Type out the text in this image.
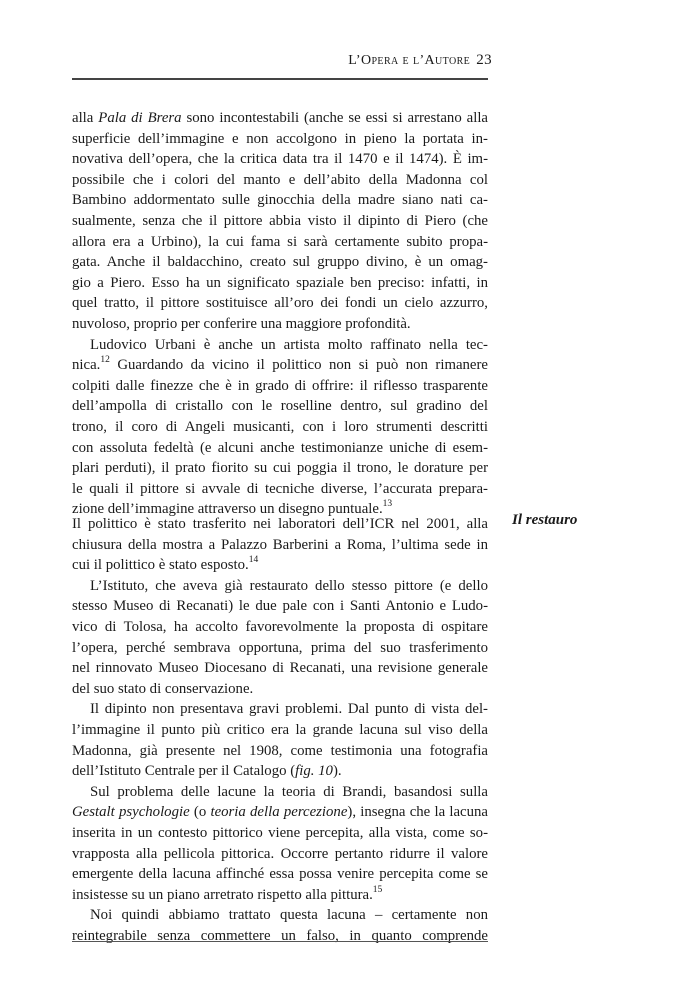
L’Opera e l’Autore 23

alla Pala di Brera sono incontestabili (anche se essi si arrestano alla

superficie dell’immagine e non accolgono in pieno la portata in-

novativa dell’opera, che la critica data tra il 1470 e il 1474). È im-

possibile che i colori del manto e dell’abito della Madonna col

Bambino addormentato sulle ginocchia della madre siano nati ca-

sualmente, senza che il pittore abbia visto il dipinto di Piero (che

allora era a Urbino), la cui fama si sarà certamente subito propa-

gata. Anche il baldacchino, creato sul gruppo divino, è un omag-

gio a Piero. Esso ha un significato spaziale ben preciso: infatti, in

quel tratto, il pittore sostituisce all’oro dei fondi un cielo azzurro,

nuvoloso, proprio per conferire una maggiore profondità.

Ludovico Urbani è anche un artista molto raffinato nella tec-

nica.$^{12}$ Guardando da vicino il polittico non si può non rimanere

colpiti dalle finezze che è in grado di offrire: il riflesso trasparente

dell’ampolla di cristallo con le roselline dentro, sul gradino del

trono, il coro di Angeli musicanti, con i loro strumenti descritti

con assoluta fedeltà (e alcuni anche testimonianze uniche di esem-

plari perduti), il prato fiorito su cui poggia il trono, le dorature per

le quali il pittore si avvale di tecniche diverse, l’accurata prepara-

zione dell’immagine attraverso un disegno puntuale.$^{13}$

Il restauro

Il polittico è stato trasferito nei laboratori dell’ICR nel 2001, alla

chiusura della mostra a Palazzo Barberini a Roma, l’ultima sede in

cui il polittico è stato esposto.$^{14}$

L’Istituto, che aveva già restaurato dello stesso pittore (e dello

stesso Museo di Recanati) le due pale con i Santi Antonio e Ludo-

vico di Tolosa, ha accolto favorevolmente la proposta di ospitare

l’opera, perché sembrava opportuna, prima del suo trasferimento

nel rinnovato Museo Diocesano di Recanati, una revisione generale

del suo stato di conservazione.

Il dipinto non presentava gravi problemi. Dal punto di vista del-

l’immagine il punto più critico era la grande lacuna sul viso della

Madonna, già presente nel 1908, come testimonia una fotografia

dell’Istituto Centrale per il Catalogo (fig. 10).

Sul problema delle lacune la teoria di Brandi, basandosi sulla

Gestalt psychologie (o teoria della percezione), insegna che la lacuna

inserita in un contesto pittorico viene percepita, alla vista, come so-

vrapposta alla pellicola pittorica. Occorre pertanto ridurre il valore

emergente della lacuna affinché essa possa venire percepita come se

insistesse su un piano arretrato rispetto alla pittura.$^{15}$

Noi quindi abbiamo trattato questa lacuna – certamente non

reintegrabile senza commettere un falso, in quanto comprende
